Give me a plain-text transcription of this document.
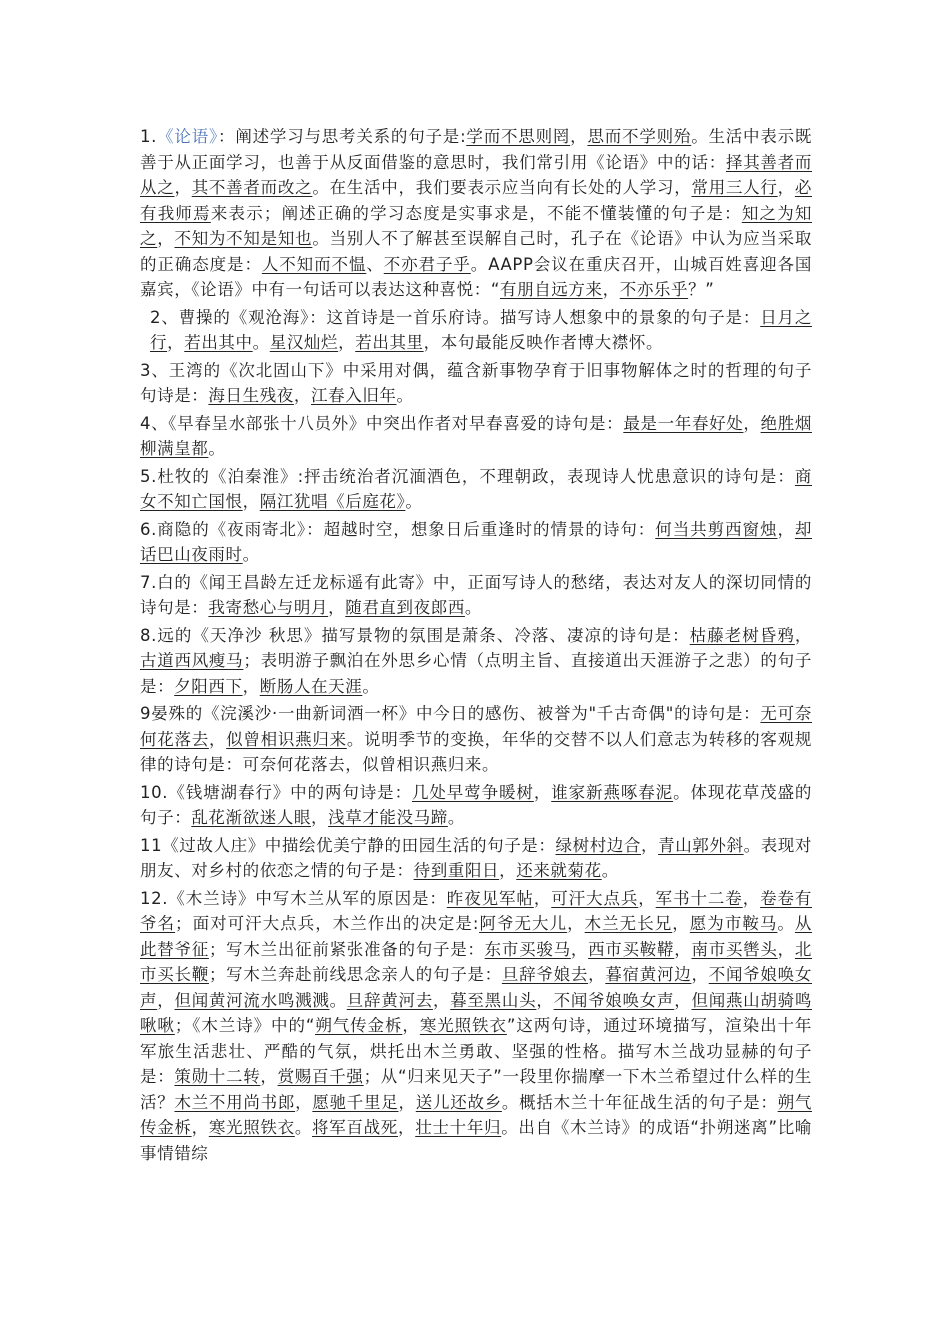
1.《论语》：阐述学习与思考关系的句子是:学而不思则罔，思而不学则殆。生活中表示既善于从正面学习，也善于从反面借鉴的意思时，我们常引用《论语》中的话：择其善者而从之，其不善者而改之。在生活中，我们要表示应当向有长处的人学习，常用三人行，必有我师焉来表示；阐述正确的学习态度是实事求是，不能不懂装懂的句子是：知之为知之，不知为不知是知也。当别人不了解甚至误解自己时，孔子在《论语》中认为应当采取的正确态度是：人不知而不愠、不亦君子乎。AAPP会议在重庆召开，山城百姓喜迎各国嘉宾，《论语》中有一句话可以表达这种喜悦：“有朋自远方来，不亦乐乎？”

2、曹操的《观沧海》：这首诗是一首乐府诗。描写诗人想象中的景象的句子是：日月之行，若出其中。星汉灿烂，若出其里，本句最能反映作者博大襟怀。

3、王湾的《次北固山下》中采用对偶，蕴含新事物孕育于旧事物解体之时的哲理的句子句诗是：海日生残夜，江春入旧年。

4、《早春呈水部张十八员外》中突出作者对早春喜爱的诗句是：最是一年春好处，绝胜烟柳满皇都。

5.杜牧的《泊秦淮》:抨击统治者沉湎酒色，不理朝政，表现诗人忧患意识的诗句是：商女不知亡国恨，隔江犹唱《后庭花》。

6.商隐的《夜雨寄北》：超越时空，想象日后重逢时的情景的诗句：何当共剪西窗烛，却话巴山夜雨时。

7.白的《闻王昌龄左迁龙标遥有此寄》中，正面写诗人的愁绪，表达对友人的深切同情的诗句是：我寄愁心与明月，随君直到夜郎西。

8.远的《天净沙 秋思》描写景物的氛围是萧条、冷落、凄凉的诗句是：枯藤老树昏鸦，古道西风瘦马；表明游子飘泊在外思乡心情（点明主旨、直接道出天涯游子之悲）的句子是：夕阳西下，断肠人在天涯。

9晏殊的《浣溪沙·一曲新词酒一杯》中今日的感伤、被誉为"千古奇偶"的诗句是：无可奈何花落去，似曾相识燕归来。说明季节的变换，年华的交替不以人们意志为转移的客观规律的诗句是：可奈何花落去，似曾相识燕归来。

10.《钱塘湖春行》中的两句诗是：几处早莺争暖树，谁家新燕啄春泥。体现花草茂盛的句子：乱花渐欲迷人眼，浅草才能没马蹄。

11《过故人庄》中描绘优美宁静的田园生活的句子是：绿树村边合，青山郭外斜。表现对朋友、对乡村的依恋之情的句子是：待到重阳日，还来就菊花。

12.《木兰诗》中写木兰从军的原因是：昨夜见军帖，可汗大点兵，军书十二卷，卷卷有爷名；面对可汗大点兵，木兰作出的决定是:阿爷无大儿，木兰无长兄，愿为市鞍马。从此替爷征；写木兰出征前紧张准备的句子是：东市买骏马，西市买鞍鞯，南市买辔头，北市买长鞭；写木兰奔赴前线思念亲人的句子是：旦辞爷娘去，暮宿黄河边，不闻爷娘唤女声，但闻黄河流水鸣溅溅。旦辞黄河去，暮至黑山头，不闻爷娘唤女声，但闻燕山胡骑鸣啾啾；《木兰诗》中的“朔气传金柝，寒光照铁衣”这两句诗，通过环境描写，渲染出十年军旅生活悲壮、严酷的气氛，烘托出木兰勇敢、坚强的性格。描写木兰战功显赫的句子是：策勋十二转，赏赐百千强；从“归来见天子”一段里你揣摩一下木兰希望过什么样的生活？木兰不用尚书郎，愿驰千里足，送儿还故乡。概括木兰十年征战生活的句子是：朔气传金柝，寒光照铁衣。将军百战死，壮士十年归。出自《木兰诗》的成语“扑朔迷离”比喻事情错综
